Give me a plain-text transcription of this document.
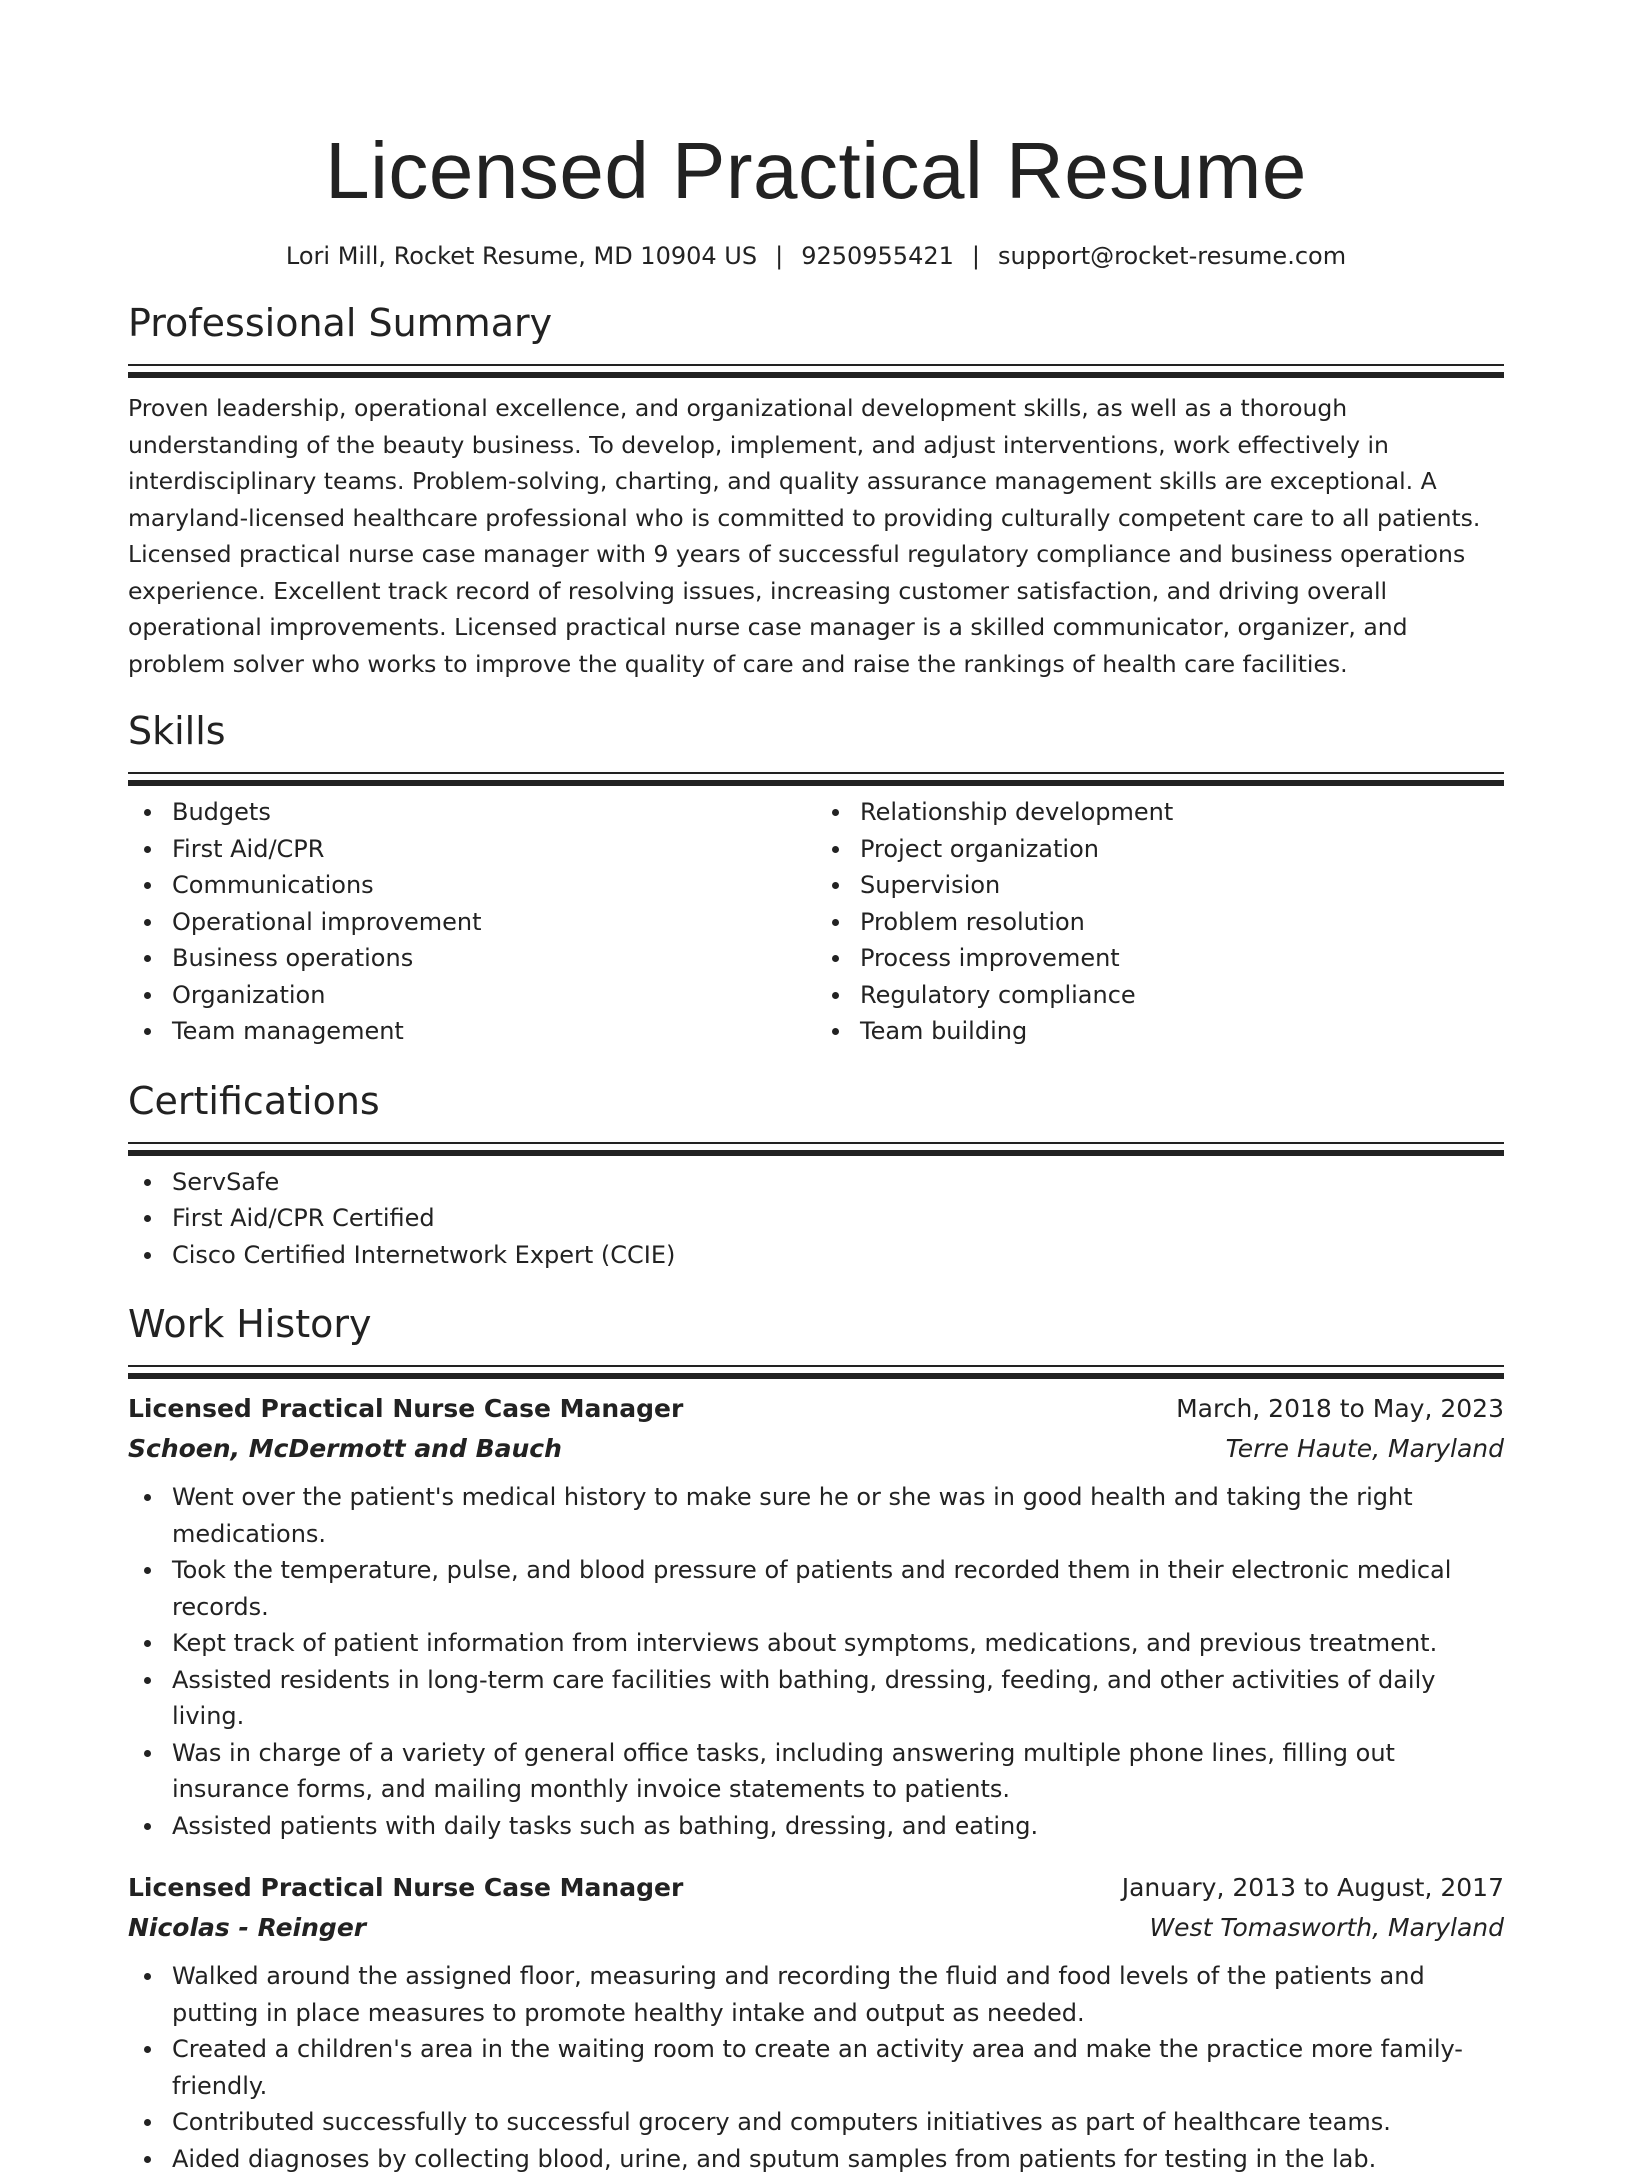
Licensed Practical Resume
Lori Mill, Rocket Resume, MD 10904 US | 9250955421 | support@rocket-resume.com
Professional Summary

Proven leadership, operational excellence, and organizational development skills, as well as a thorough understanding of the beauty business. To develop, implement, and adjust interventions, work effectively in interdisciplinary teams. Problem-solving, charting, and quality assurance management skills are exceptional. A maryland-licensed healthcare professional who is committed to providing culturally competent care to all patients. Licensed practical nurse case manager with 9 years of successful regulatory compliance and business operations experience. Excellent track record of resolving issues, increasing customer satisfaction, and driving overall operational improvements. Licensed practical nurse case manager is a skilled communicator, organizer, and problem solver who works to improve the quality of care and raise the rankings of health care facilities.

Skills
Budgets
First Aid/CPR
Communications
Operational improvement
Business operations
Organization
Team management
Relationship development
Project organization
Supervision
Problem resolution
Process improvement
Regulatory compliance
Team building
Certifications
ServSafe
First Aid/CPR Certified
Cisco Certified Internetwork Expert (CCIE)
Work History
Licensed Practical Nurse Case Manager	March, 2018 to May, 2023
Schoen, McDermott and Bauch	Terre Haute, Maryland
Went over the patient's medical history to make sure he or she was in good health and taking the right medications.
Took the temperature, pulse, and blood pressure of patients and recorded them in their electronic medical records.
Kept track of patient information from interviews about symptoms, medications, and previous treatment.
Assisted residents in long-term care facilities with bathing, dressing, feeding, and other activities of daily living.
Was in charge of a variety of general office tasks, including answering multiple phone lines, filling out insurance forms, and mailing monthly invoice statements to patients.
Assisted patients with daily tasks such as bathing, dressing, and eating.
Licensed Practical Nurse Case Manager	January, 2013 to August, 2017
Nicolas - Reinger	West Tomasworth, Maryland
Walked around the assigned floor, measuring and recording the fluid and food levels of the patients and putting in place measures to promote healthy intake and output as needed.
Created a children's area in the waiting room to create an activity area and make the practice more family-friendly.
Contributed successfully to successful grocery and computers initiatives as part of healthcare teams.
Aided diagnoses by collecting blood, urine, and sputum samples from patients for testing in the lab.
